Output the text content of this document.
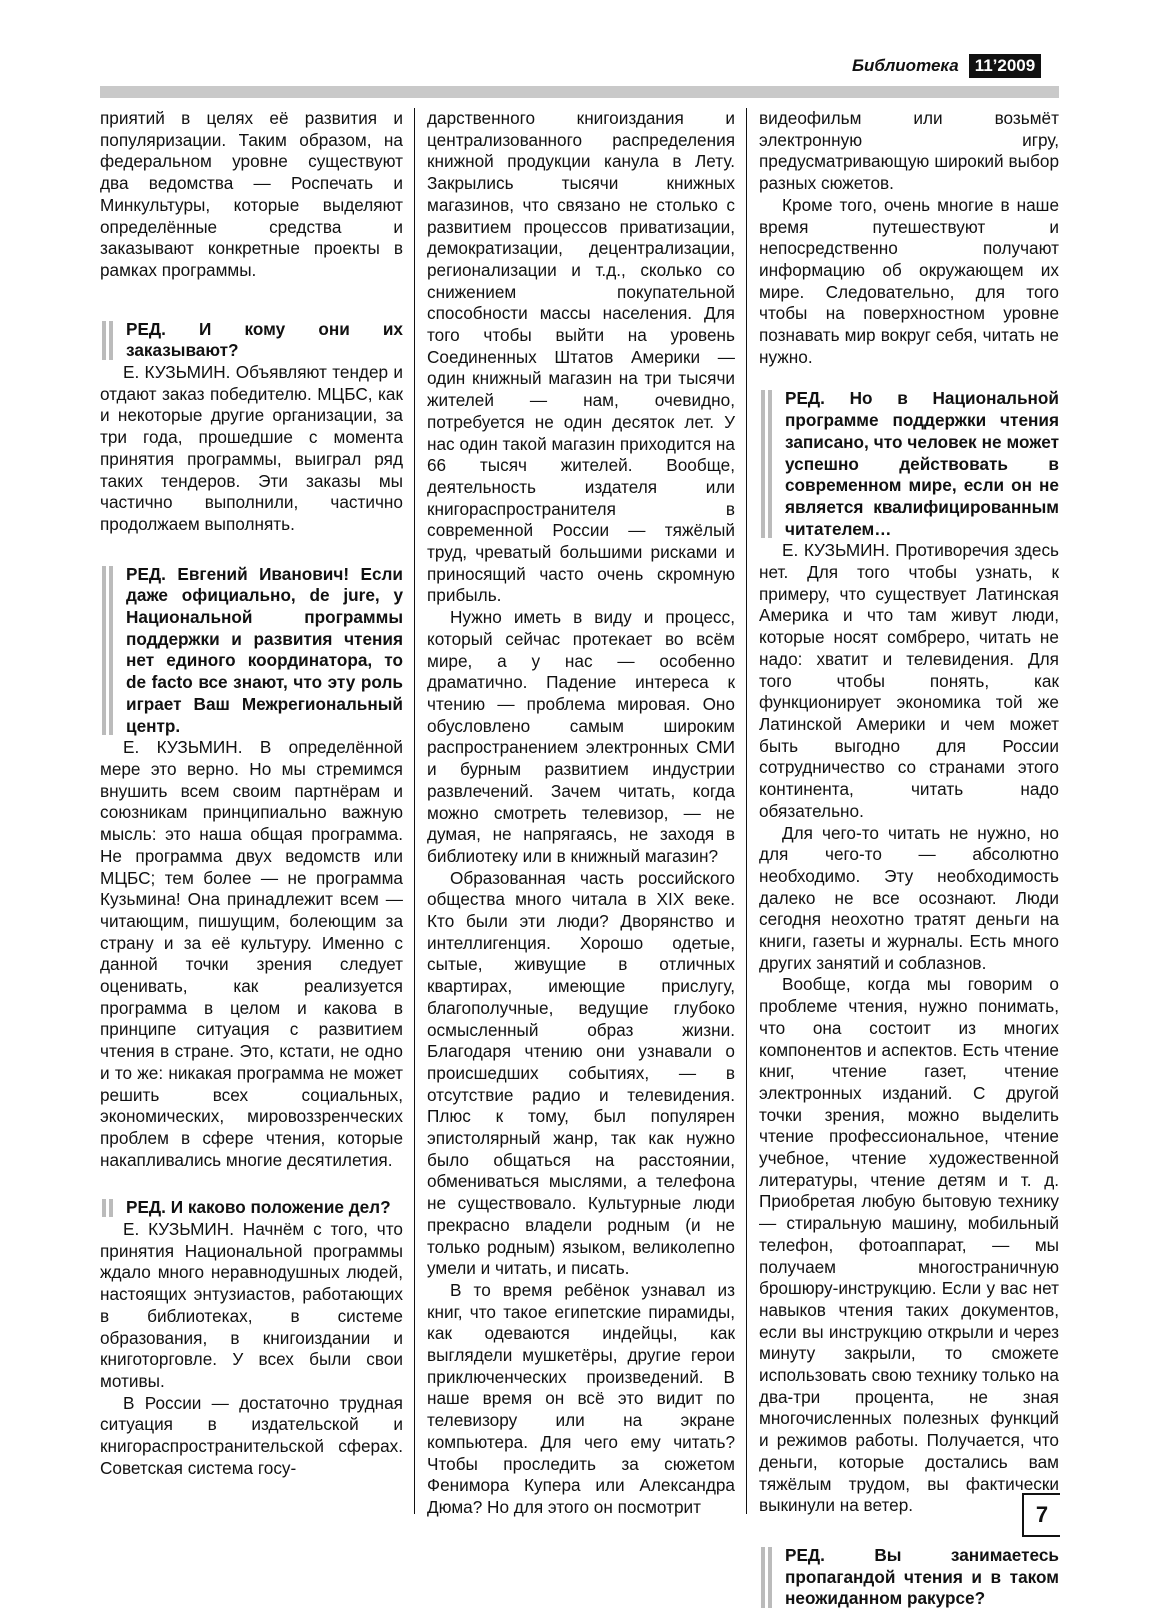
Библиотека 11’2009

приятий в целях её развития и популяризации. Таким образом, на федеральном уровне существуют два ведомства — Роспечать и Минкультуры, которые выделяют определённые средства и заказывают конкретные проекты в рамках программы.

РЕД. И кому они их заказывают?

Е. КУЗЬМИН. Объявляют тендер и отдают заказ победителю. МЦБС, как и некоторые другие организации, за три года, прошедшие с момента принятия программы, выиграл ряд таких тендеров. Эти заказы мы частично выполнили, частично продолжаем выполнять.

РЕД. Евгений Иванович! Если даже официально, de jure, у Национальной программы поддержки и развития чтения нет единого координатора, то de facto все знают, что эту роль играет Ваш Межрегиональный центр.

Е. КУЗЬМИН. В определённой мере это верно. Но мы стремимся внушить всем своим партнёрам и союзникам принципиально важную мысль: это наша общая программа. Не программа двух ведомств или МЦБС; тем более — не программа Кузьмина! Она принадлежит всем — читающим, пишущим, болеющим за страну и за её культуру. Именно с данной точки зрения следует оценивать, как реализуется программа в целом и какова в принципе ситуация с развитием чтения в стране. Это, кстати, не одно и то же: никакая программа не может решить всех социальных, экономических, мировоззренческих проблем в сфере чтения, которые накапливались многие десятилетия.

РЕД. И каково положение дел?

Е. КУЗЬМИН. Начнём с того, что принятия Национальной программы ждало много неравнодушных людей, настоящих энтузиастов, работающих в библиотеках, в системе образования, в книгоиздании и книготорговле. У всех были свои мотивы.

В России — достаточно трудная ситуация в издательской и книгораспространительской сферах. Советская система госу-

дарственного книгоиздания и централизованного распределения книжной продукции канула в Лету. Закрылись тысячи книжных магазинов, что связано не столько с развитием процессов приватизации, демократизации, децентрализации, регионализации и т.д., сколько со снижением покупательной способности массы населения. Для того чтобы выйти на уровень Соединенных Штатов Америки — один книжный магазин на три тысячи жителей — нам, очевидно, потребуется не один десяток лет. У нас один такой магазин приходится на 66 тысяч жителей. Вообще, деятельность издателя или книгораспространителя в современной России — тяжёлый труд, чреватый большими рисками и приносящий часто очень скромную прибыль.

Нужно иметь в виду и процесс, который сейчас протекает во всём мире, а у нас — особенно драматично. Падение интереса к чтению — проблема мировая. Оно обусловлено самым широким распространением электронных СМИ и бурным развитием индустрии развлечений. Зачем читать, когда можно смотреть телевизор, — не думая, не напрягаясь, не заходя в библиотеку или в книжный магазин?

Образованная часть российского общества много читала в XIX веке. Кто были эти люди? Дворянство и интеллигенция. Хорошо одетые, сытые, живущие в отличных квартирах, имеющие прислугу, благополучные, ведущие глубоко осмысленный образ жизни. Благодаря чтению они узнавали о происшедших событиях, — в отсутствие радио и телевидения. Плюс к тому, был популярен эпистолярный жанр, так как нужно было общаться на расстоянии, обмениваться мыслями, а телефона не существовало. Культурные люди прекрасно владели родным (и не только родным) языком, великолепно умели и читать, и писать.

В то время ребёнок узнавал из книг, что такое египетские пирамиды, как одеваются индейцы, как выглядели мушкетёры, другие герои приключенческих произведений. В наше время он всё это видит по телевизору или на экране компьютера. Для чего ему читать? Чтобы проследить за сюжетом Фенимора Купера или Александра Дюма? Но для этого он посмотрит

видеофильм или возьмёт электронную игру, предусматривающую широкий выбор разных сюжетов.

Кроме того, очень многие в наше время путешествуют и непосредственно получают информацию об окружающем их мире. Следовательно, для того чтобы на поверхностном уровне познавать мир вокруг себя, читать не нужно.

РЕД. Но в Национальной программе поддержки чтения записано, что человек не может успешно действовать в современном мире, если он не является квалифицированным читателем…

Е. КУЗЬМИН. Противоречия здесь нет. Для того чтобы узнать, к примеру, что существует Латинская Америка и что там живут люди, которые носят сомбреро, читать не надо: хватит и телевидения. Для того чтобы понять, как функционирует экономика той же Латинской Америки и чем может быть выгодно для России сотрудничество со странами этого континента, читать надо обязательно.

Для чего-то читать не нужно, но для чего-то — абсолютно необходимо. Эту необходимость далеко не все осознают. Люди сегодня неохотно тратят деньги на книги, газеты и журналы. Есть много других занятий и соблазнов.

Вообще, когда мы говорим о проблеме чтения, нужно понимать, что она состоит из многих компонентов и аспектов. Есть чтение книг, чтение газет, чтение электронных изданий. С другой точки зрения, можно выделить чтение профессиональное, чтение учебное, чтение художественной литературы, чтение детям и т. д. Приобретая любую бытовую технику — стиральную машину, мобильный телефон, фотоаппарат, — мы получаем многостраничную брошюру-инструкцию. Если у вас нет навыков чтения таких документов, если вы инструкцию открыли и через минуту закрыли, то сможете использовать свою технику только на два-три процента, не зная многочисленных полезных функций и режимов работы. Получается, что деньги, которые достались вам тяжёлым трудом, вы фактически выкинули на ветер.

РЕД. Вы занимаетесь пропагандой чтения и в таком неожиданном ракурсе?

7
